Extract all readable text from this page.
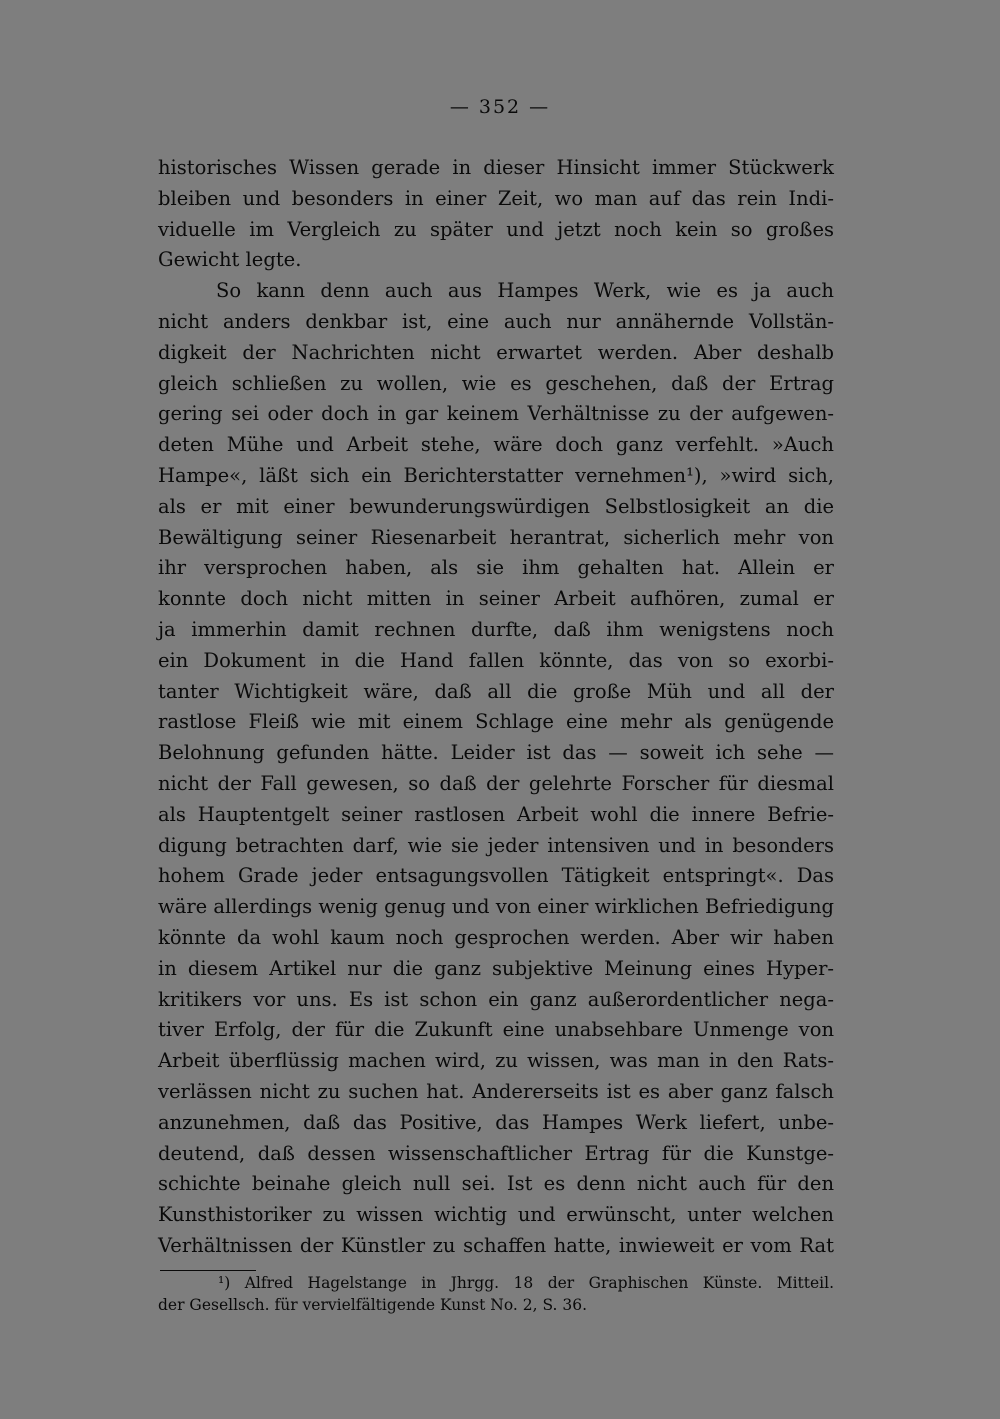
— 352 —
historisches Wissen gerade in dieser Hinsicht immer Stückwerk
bleiben und besonders in einer Zeit, wo man auf das rein Indi-
viduelle im Vergleich zu später und jetzt noch kein so großes
Gewicht legte.
So kann denn auch aus Hampes Werk, wie es ja auch
nicht anders denkbar ist, eine auch nur annähernde Vollstän-
digkeit der Nachrichten nicht erwartet werden. Aber deshalb
gleich schließen zu wollen, wie es geschehen, daß der Ertrag
gering sei oder doch in gar keinem Verhältnisse zu der aufgewen-
deten Mühe und Arbeit stehe, wäre doch ganz verfehlt. »Auch
Hampe«, läßt sich ein Berichterstatter vernehmen¹), »wird sich,
als er mit einer bewunderungswürdigen Selbstlosigkeit an die
Bewältigung seiner Riesenarbeit herantrat, sicherlich mehr von
ihr versprochen haben, als sie ihm gehalten hat. Allein er
konnte doch nicht mitten in seiner Arbeit aufhören, zumal er
ja immerhin damit rechnen durfte, daß ihm wenigstens noch
ein Dokument in die Hand fallen könnte, das von so exorbi-
tanter Wichtigkeit wäre, daß all die große Müh und all der
rastlose Fleiß wie mit einem Schlage eine mehr als genügende
Belohnung gefunden hätte. Leider ist das — soweit ich sehe —
nicht der Fall gewesen, so daß der gelehrte Forscher für diesmal
als Hauptentgelt seiner rastlosen Arbeit wohl die innere Befrie-
digung betrachten darf, wie sie jeder intensiven und in besonders
hohem Grade jeder entsagungsvollen Tätigkeit entspringt«. Das
wäre allerdings wenig genug und von einer wirklichen Befriedigung
könnte da wohl kaum noch gesprochen werden. Aber wir haben
in diesem Artikel nur die ganz subjektive Meinung eines Hyper-
kritikers vor uns. Es ist schon ein ganz außerordentlicher nega-
tiver Erfolg, der für die Zukunft eine unabsehbare Unmenge von
Arbeit überflüssig machen wird, zu wissen, was man in den Rats-
verlässen nicht zu suchen hat. Andererseits ist es aber ganz falsch
anzunehmen, daß das Positive, das Hampes Werk liefert, unbe-
deutend, daß dessen wissenschaftlicher Ertrag für die Kunstge-
schichte beinahe gleich null sei. Ist es denn nicht auch für den
Kunsthistoriker zu wissen wichtig und erwünscht, unter welchen
Verhältnissen der Künstler zu schaffen hatte, inwieweit er vom Rat
¹) Alfred Hagelstange in Jhrgg. 18 der Graphischen Künste. Mitteil.
der Gesellsch. für vervielfältigende Kunst No. 2, S. 36.
